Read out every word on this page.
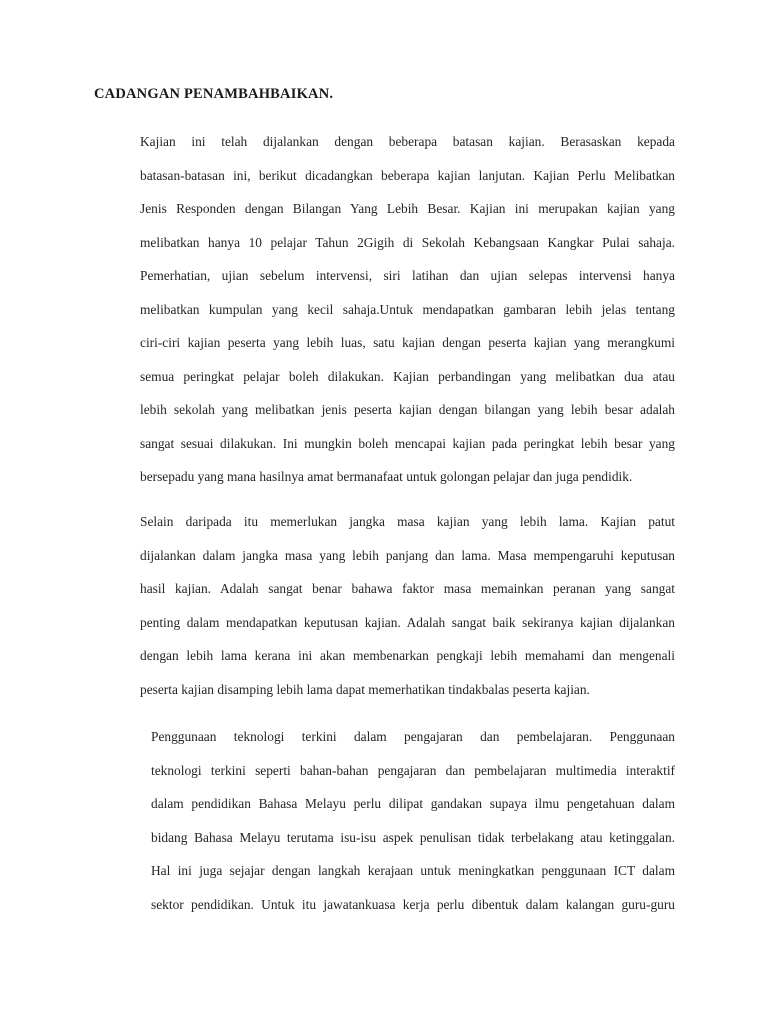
CADANGAN PENAMBAHBAIKAN.
Kajian ini telah dijalankan dengan beberapa batasan kajian. Berasaskan kepada
batasan-batasan ini, berikut dicadangkan beberapa kajian lanjutan. Kajian Perlu Melibatkan
Jenis Responden dengan Bilangan Yang Lebih Besar. Kajian ini merupakan kajian yang
melibatkan hanya 10 pelajar Tahun 2Gigih di Sekolah Kebangsaan Kangkar Pulai sahaja.
Pemerhatian, ujian sebelum intervensi, siri latihan dan ujian selepas intervensi hanya
melibatkan kumpulan yang kecil sahaja.Untuk mendapatkan gambaran lebih jelas tentang
ciri-ciri kajian peserta yang lebih luas, satu kajian dengan peserta kajian yang merangkumi
semua peringkat pelajar boleh dilakukan. Kajian perbandingan yang melibatkan dua atau
lebih sekolah yang melibatkan jenis peserta kajian dengan bilangan yang lebih besar adalah
sangat sesuai dilakukan. Ini mungkin boleh mencapai kajian pada peringkat lebih besar yang
bersepadu yang mana hasilnya amat bermanafaat untuk golongan pelajar dan juga pendidik.
Selain daripada itu memerlukan jangka masa kajian yang lebih lama. Kajian patut
dijalankan dalam jangka masa yang lebih panjang dan lama. Masa mempengaruhi keputusan
hasil kajian. Adalah sangat benar bahawa faktor masa memainkan peranan yang sangat
penting dalam mendapatkan keputusan kajian. Adalah sangat baik sekiranya kajian dijalankan
dengan lebih lama kerana ini akan membenarkan pengkaji lebih memahami dan mengenali
peserta kajian disamping lebih lama dapat memerhatikan tindakbalas peserta kajian.
Penggunaan teknologi terkini dalam pengajaran dan pembelajaran. Penggunaan
teknologi terkini seperti bahan-bahan pengajaran dan pembelajaran multimedia interaktif
dalam pendidikan Bahasa Melayu perlu dilipat gandakan supaya ilmu pengetahuan dalam
bidang Bahasa Melayu terutama isu-isu aspek penulisan tidak terbelakang atau ketinggalan.
Hal ini juga sejajar dengan langkah kerajaan untuk meningkatkan penggunaan ICT dalam
sektor pendidikan. Untuk itu jawatankuasa kerja perlu dibentuk dalam kalangan guru-guru
